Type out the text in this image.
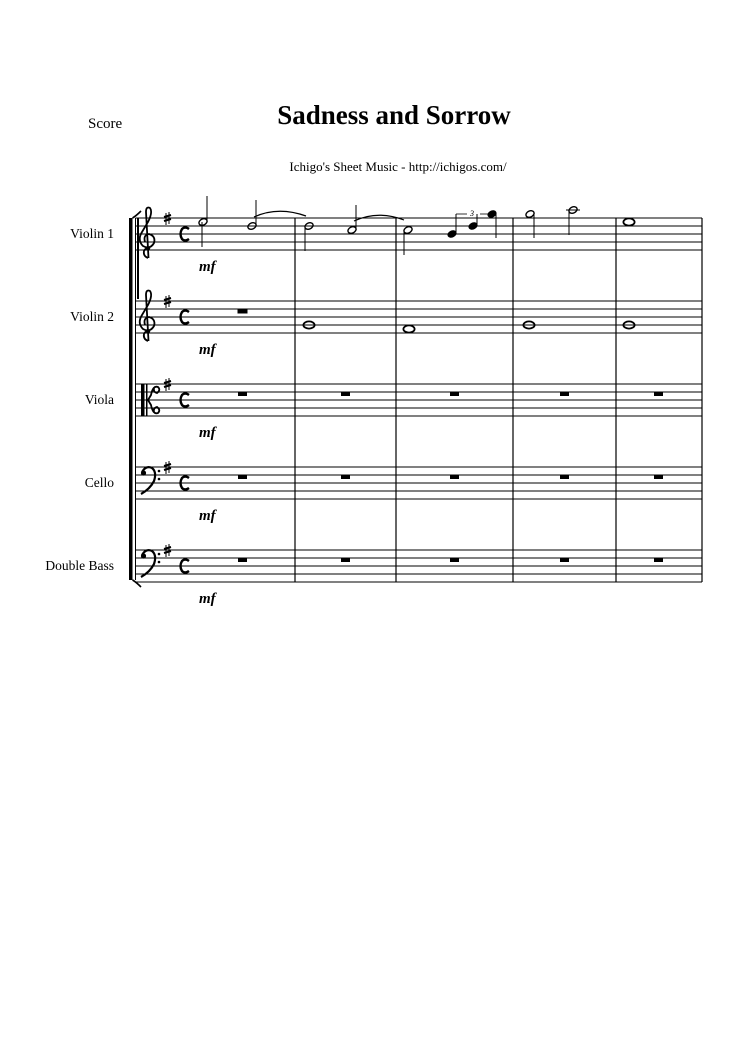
Score	Sadness and Sorrow
Ichigo's Sheet Music - http://ichigos.com/
Violin 1
Violin 2
Viola
Cello
Double Bass
mf
mf
mf
mf
mf
3
